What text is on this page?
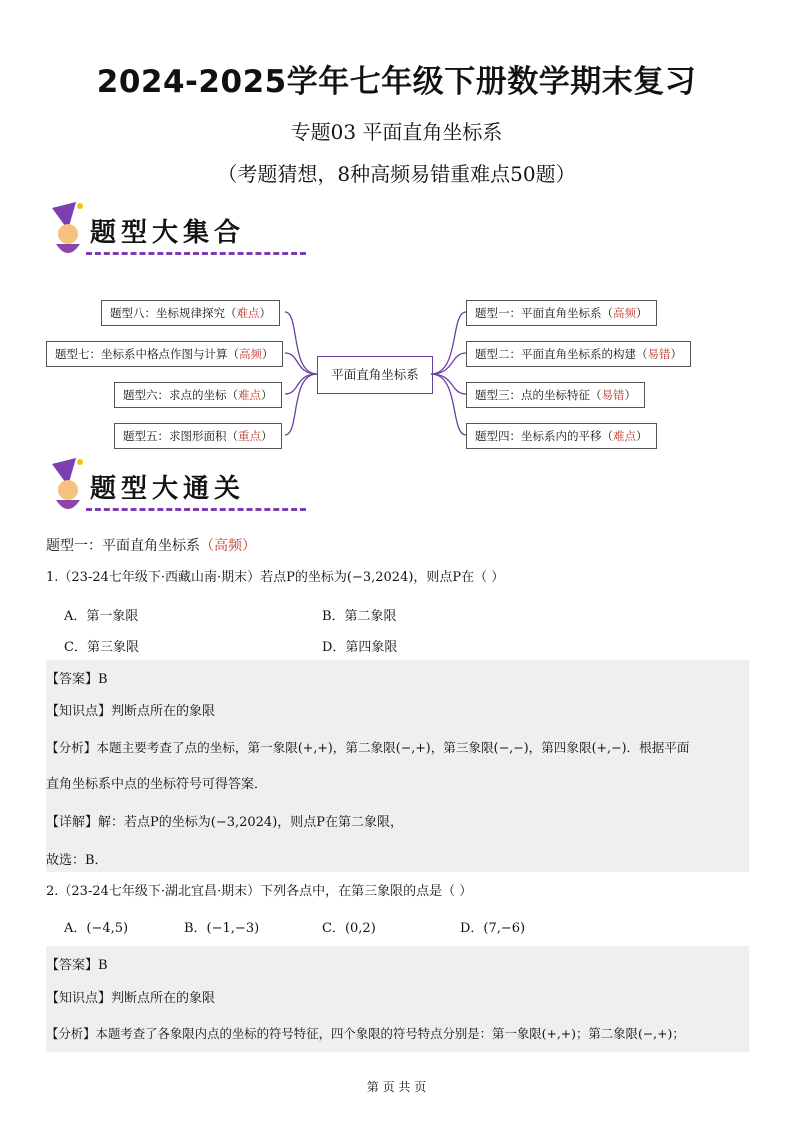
2024-2025学年七年级下册数学期末复习
专题03 平面直角坐标系
（考题猜想，8种高频易错重难点50题）
题型大集合
平面直角坐标系
题型八：坐标规律探究（难点）
题型七：坐标系中格点作图与计算（高频）
题型六：求点的坐标（难点）
题型五：求图形面积（重点）
题型一：平面直角坐标系（高频）
题型二：平面直角坐标系的构建（易错）
题型三：点的坐标特征（易错）
题型四：坐标系内的平移（难点）
题型大通关
题型一：平面直角坐标系（高频）
1.（23-24七年级下·西藏山南·期末）若点P的坐标为(−3,2024)，则点P在（ ）
A．第一象限	B．第二象限
C．第三象限	D．第四象限
【答案】B
【知识点】判断点所在的象限
【分析】本题主要考查了点的坐标，第一象限(+,+)，第二象限(−,+)，第三象限(−,−)，第四象限(+,−)．根据平面
直角坐标系中点的坐标符号可得答案．
【详解】解：若点P的坐标为(−3,2024)，则点P在第二象限，
故选：B．
2.（23-24七年级下·湖北宜昌·期末）下列各点中，在第三象限的点是（ ）
A．(−4,5)	B．(−1,−3)	C．(0,2)	D．(7,−6)
【答案】B
【知识点】判断点所在的象限
【分析】本题考查了各象限内点的坐标的符号特征，四个象限的符号特点分别是：第一象限(+,+)；第二象限(−,+)；
第 页 共 页
